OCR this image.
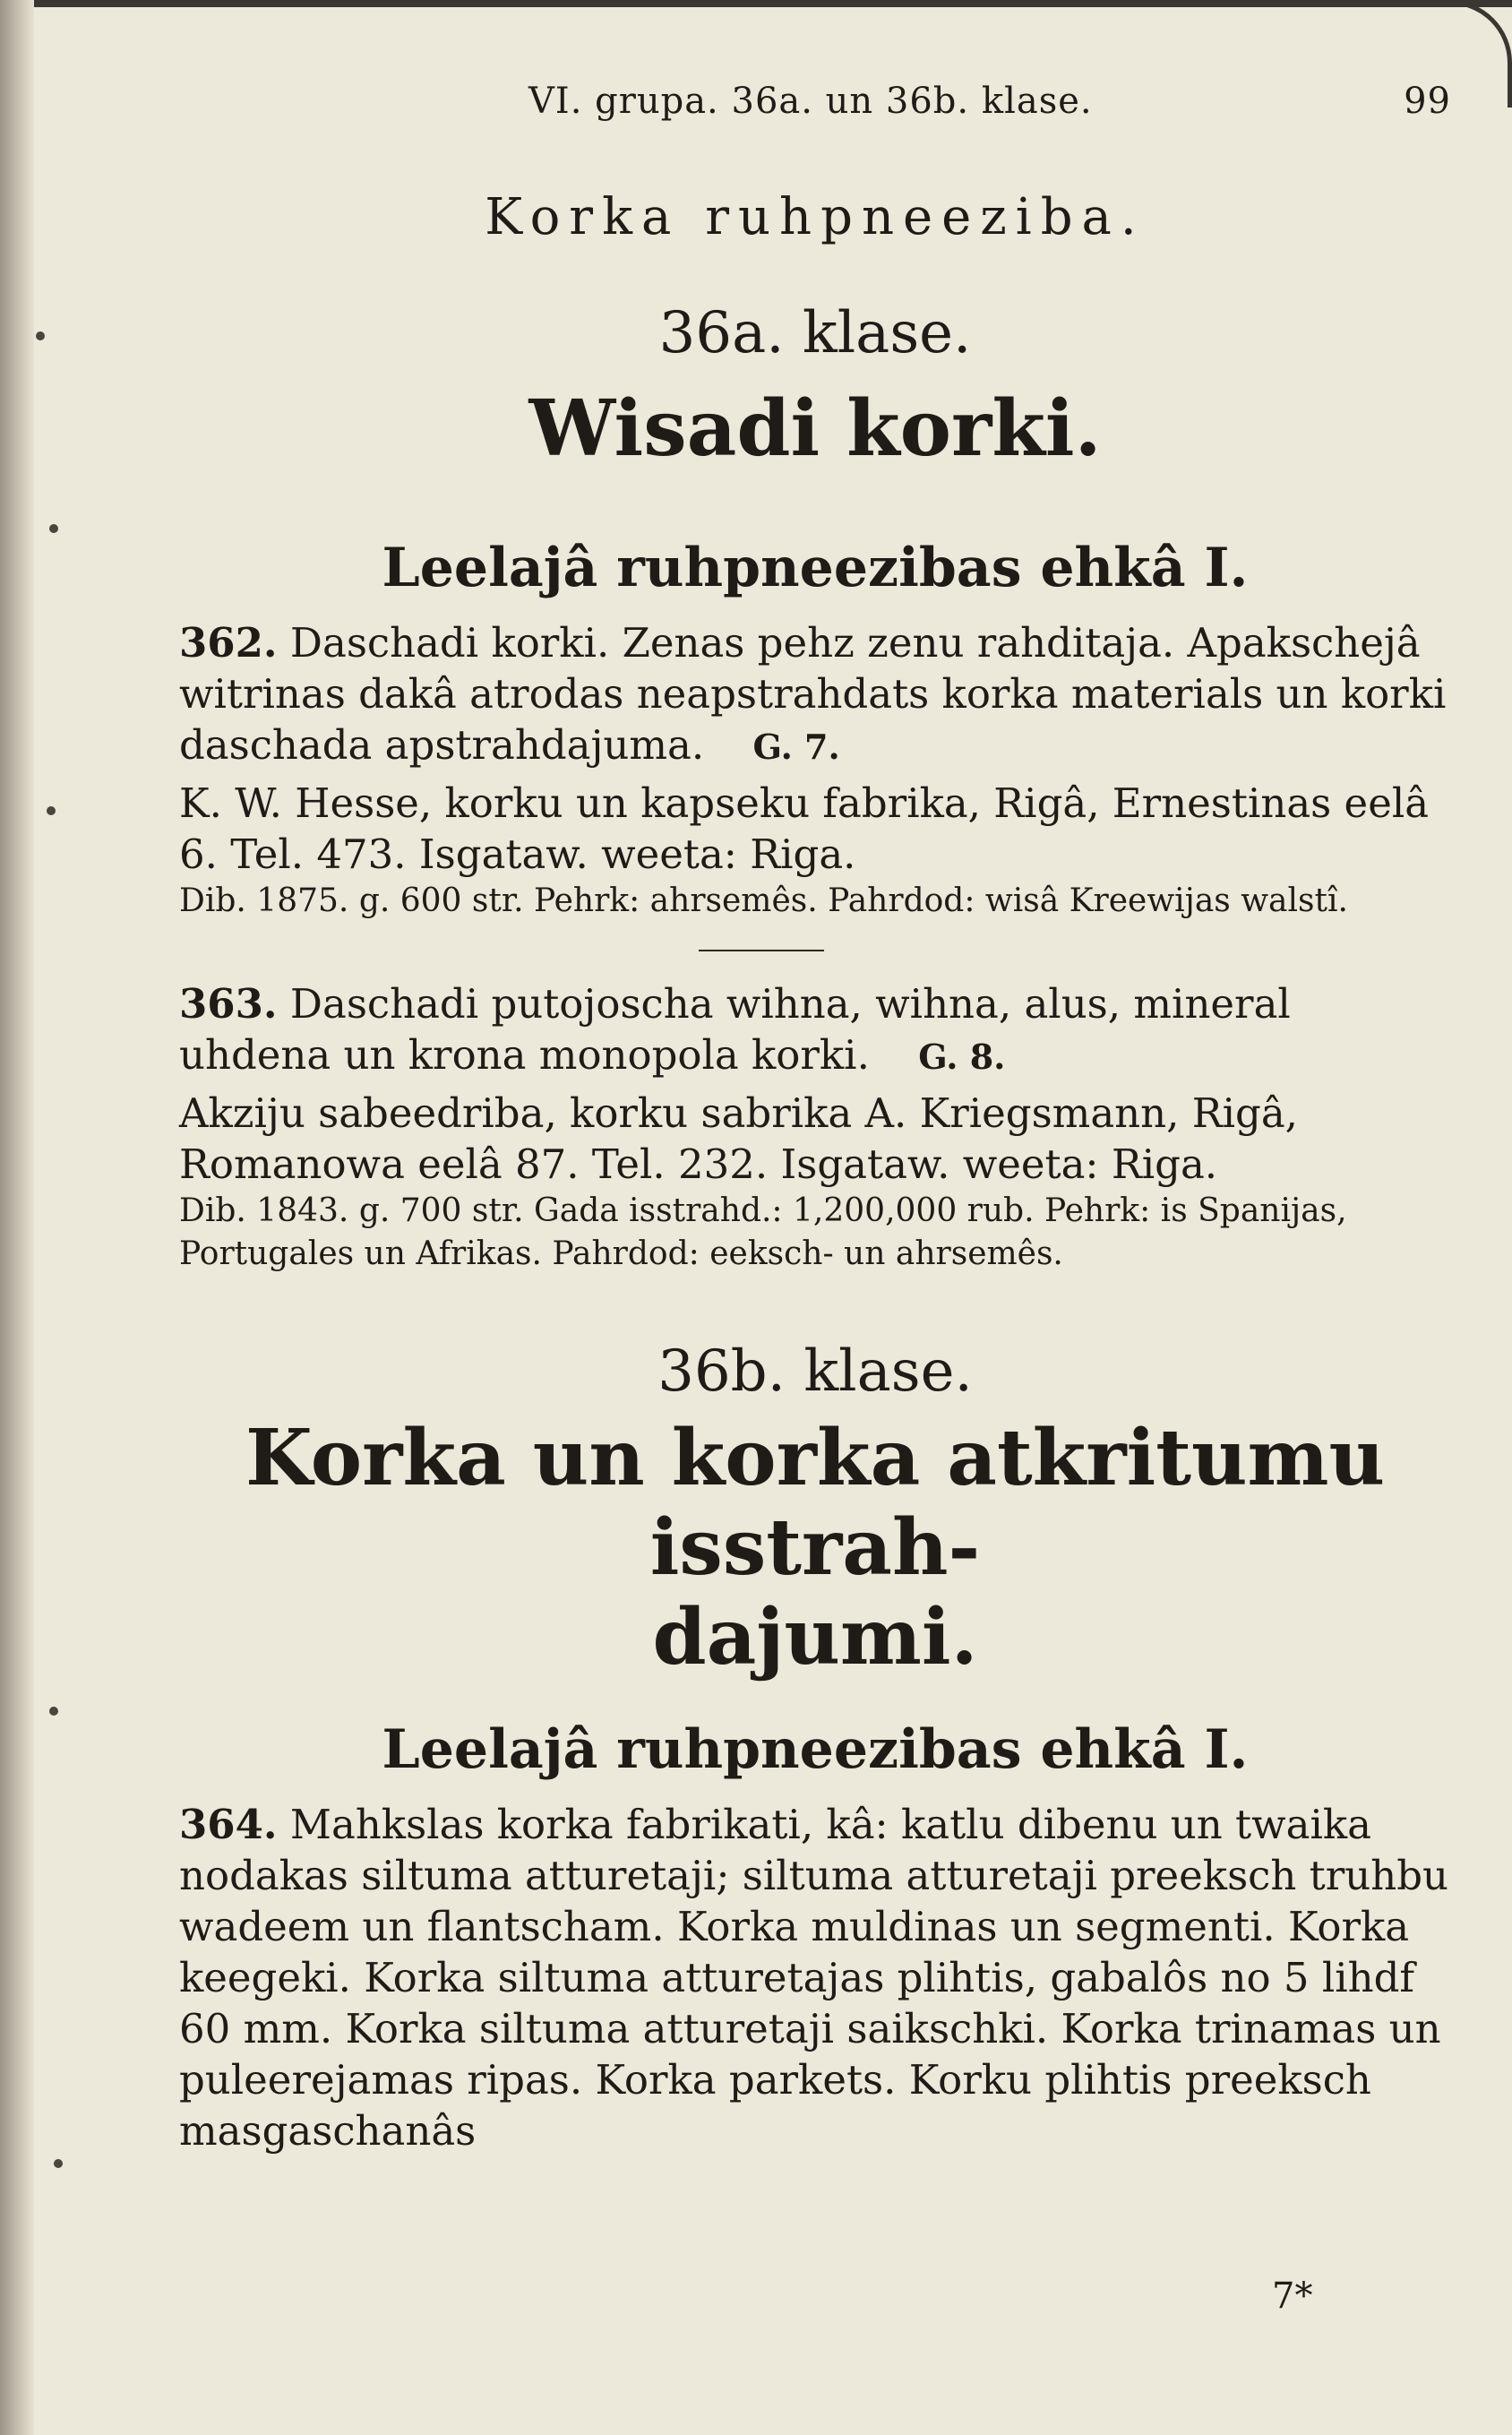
VI. grupa. 36a. un 36b. klase.	99
Korka ruhpneeziba.
36a. klase.
Wisadi korki.
Leelajâ ruhpneezibas ehkâ I.
362. Daschadi korki. Zenas pehz zenu rahditaja. Apakschejâ witrinas dakâ atrodas neapstrahdats korka materials un korki daschada apstrahdajuma. G. 7.
K. W. Hesse, korku un kapseku fabrika, Rigâ, Ernestinas eelâ 6. Tel. 473. Isgataw. weeta: Riga.
Dib. 1875. g. 600 str. Pehrk: ahrsemês. Pahrdod: wisâ Kreewijas walstî.
363. Daschadi putojoscha wihna, wihna, alus, mineral uhdena un krona monopola korki. G. 8.
Akziju sabeedriba, korku sabrika A. Kriegsmann, Rigâ, Romanowa eelâ 87. Tel. 232. Isgataw. weeta: Riga.
Dib. 1843. g. 700 str. Gada isstrahd.: 1,200,000 rub. Pehrk: is Spanijas, Portugales un Afrikas. Pahrdod: eeksch- un ahrsemês.
36b. klase.
Korka un korka atkritumu isstrah-
dajumi.
Leelajâ ruhpneezibas ehkâ I.
364. Mahkslas korka fabrikati, kâ: katlu dibenu un twaika nodakas siltuma atturetaji; siltuma atturetaji preeksch truhbu wadeem un flantscham. Korka muldinas un segmenti. Korka keegeki. Korka siltuma atturetajas plihtis, gabalôs no 5 lihdf 60 mm. Korka siltuma atturetaji saikschki. Korka trinamas un puleerejamas ripas. Korka parkets. Korku plihtis preeksch masgaschanâs
7*
